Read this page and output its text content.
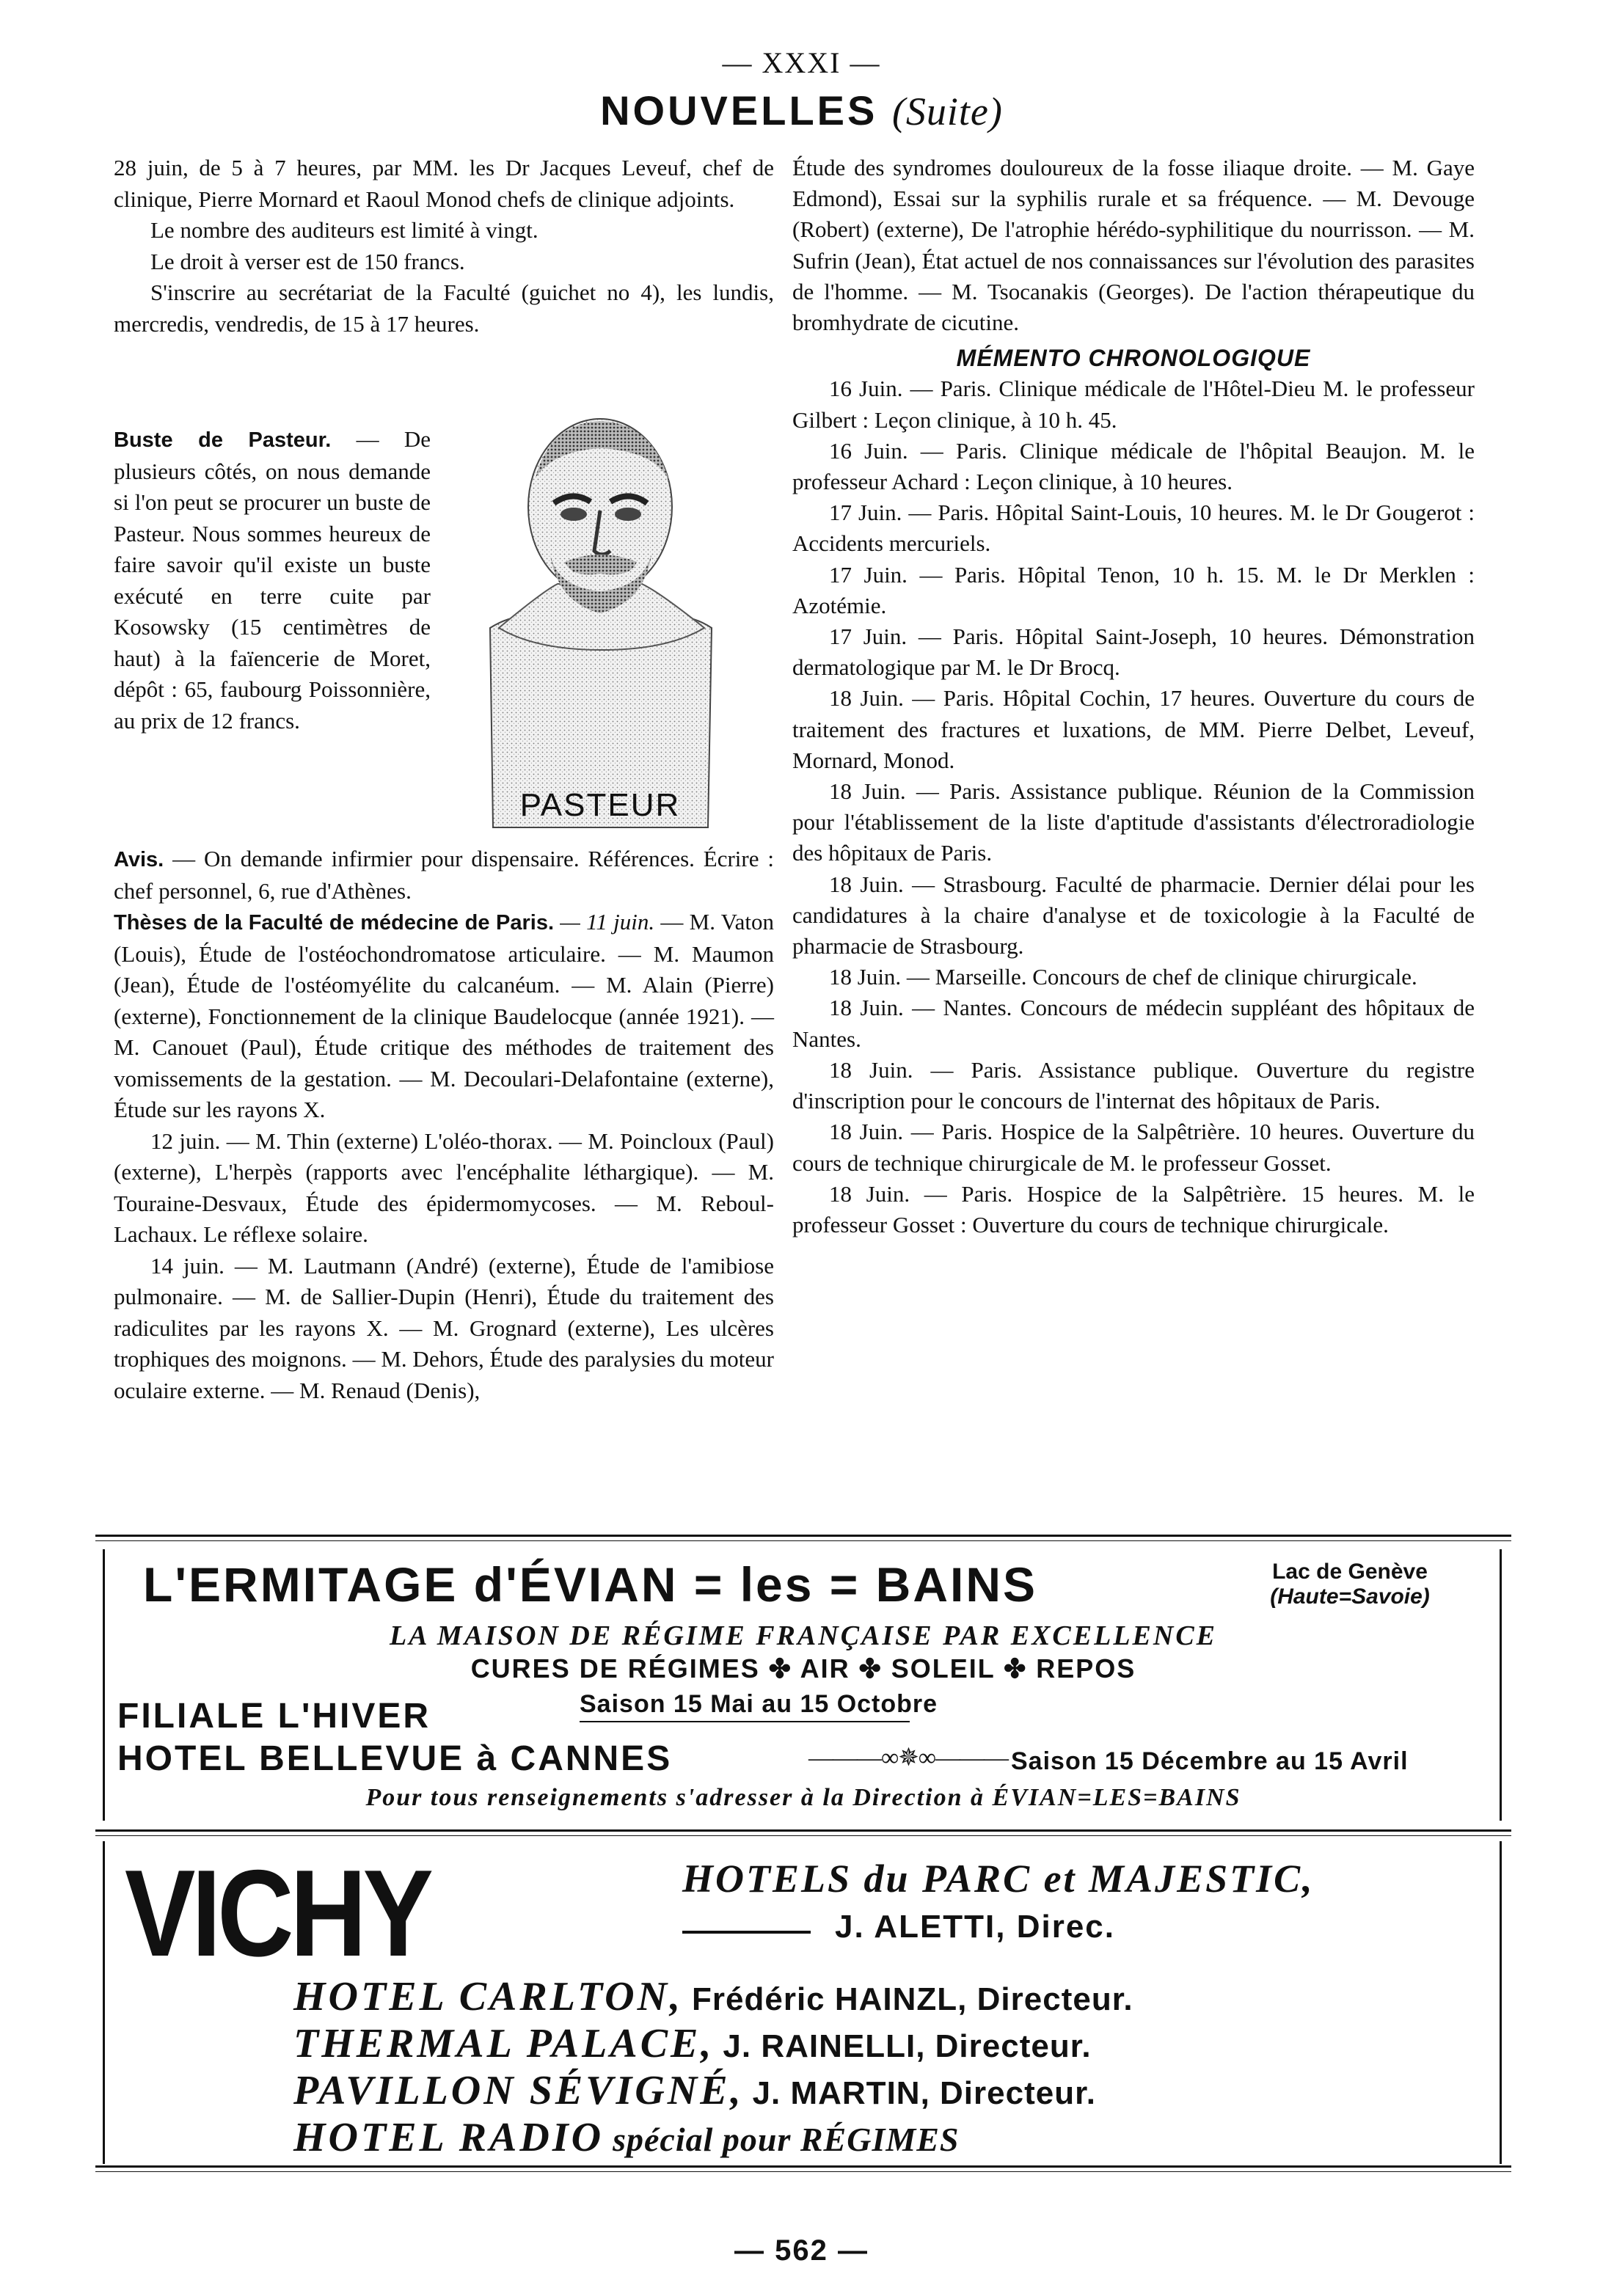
— XXXI —
NOUVELLES (Suite)

28 juin, de 5 à 7 heures, par MM. les Dr Jacques Leveuf, chef de clinique, Pierre Mornard et Raoul Monod chefs de clinique adjoints.

Le nombre des auditeurs est limité à vingt.

Le droit à verser est de 150 francs.

S'inscrire au secrétariat de la Faculté (guichet no 4), les lundis, mercredis, vendredis, de 15 à 17 heures.

Buste de Pasteur. — De plusieurs côtés, on nous demande si l'on peut se procurer un buste de Pasteur. Nous sommes heureux de faire savoir qu'il existe un buste exécuté en terre cuite par Kosowsky (15 centimètres de haut) à la faïencerie de Moret, dépôt : 65, faubourg Poissonnière, au prix de 12 francs.

PASTEUR

Avis. — On demande infirmier pour dispensaire. Références. Écrire : chef personnel, 6, rue d'Athènes.

Thèses de la Faculté de médecine de Paris. — 11 juin. — M. Vaton (Louis), Étude de l'ostéochondromatose articulaire. — M. Maumon (Jean), Étude de l'ostéomyélite du calcanéum. — M. Alain (Pierre) (externe), Fonctionnement de la clinique Baudelocque (année 1921). — M. Canouet (Paul), Étude critique des méthodes de traitement des vomissements de la gestation. — M. Decoulari-Delafontaine (externe), Étude sur les rayons X.

12 juin. — M. Thin (externe) L'oléo-thorax. — M. Poincloux (Paul) (externe), L'herpès (rapports avec l'encéphalite léthargique). — M. Touraine-Desvaux, Étude des épidermomycoses. — M. Reboul-Lachaux. Le réflexe solaire.

14 juin. — M. Lautmann (André) (externe), Étude de l'amibiose pulmonaire. — M. de Sallier-Dupin (Henri), Étude du traitement des radiculites par les rayons X. — M. Grognard (externe), Les ulcères trophiques des moignons. — M. Dehors, Étude des paralysies du moteur oculaire externe. — M. Renaud (Denis),

Étude des syndromes douloureux de la fosse iliaque droite. — M. Gaye Edmond), Essai sur la syphilis rurale et sa fréquence. — M. Devouge (Robert) (externe), De l'atrophie hérédo-syphilitique du nourrisson. — M. Sufrin (Jean), État actuel de nos connaissances sur l'évolution des parasites de l'homme. — M. Tsocanakis (Georges). De l'action thérapeutique du bromhydrate de cicutine.

MÉMENTO CHRONOLOGIQUE

16 Juin. — Paris. Clinique médicale de l'Hôtel-Dieu M. le professeur Gilbert : Leçon clinique, à 10 h. 45.

16 Juin. — Paris. Clinique médicale de l'hôpital Beaujon. M. le professeur Achard : Leçon clinique, à 10 heures.

17 Juin. — Paris. Hôpital Saint-Louis, 10 heures. M. le Dr Gougerot : Accidents mercuriels.

17 Juin. — Paris. Hôpital Tenon, 10 h. 15. M. le Dr Merklen : Azotémie.

17 Juin. — Paris. Hôpital Saint-Joseph, 10 heures. Démonstration dermatologique par M. le Dr Brocq.

18 Juin. — Paris. Hôpital Cochin, 17 heures. Ouverture du cours de traitement des fractures et luxations, de MM. Pierre Delbet, Leveuf, Mornard, Monod.

18 Juin. — Paris. Assistance publique. Réunion de la Commission pour l'établissement de la liste d'aptitude d'assistants d'électroradiologie des hôpitaux de Paris.

18 Juin. — Strasbourg. Faculté de pharmacie. Dernier délai pour les candidatures à la chaire d'analyse et de toxicologie à la Faculté de pharmacie de Strasbourg.

18 Juin. — Marseille. Concours de chef de clinique chirurgicale.

18 Juin. — Nantes. Concours de médecin suppléant des hôpitaux de Nantes.

18 Juin. — Paris. Assistance publique. Ouverture du registre d'inscription pour le concours de l'internat des hôpitaux de Paris.

18 Juin. — Paris. Hospice de la Salpêtrière. 10 heures. Ouverture du cours de technique chirurgicale de M. le professeur Gosset.

18 Juin. — Paris. Hospice de la Salpêtrière. 15 heures. M. le professeur Gosset : Ouverture du cours de technique chirurgicale.

L'ERMITAGE d'ÉVIAN = les = BAINS	Lac de Genève
(Haute=Savoie)
LA MAISON DE RÉGIME FRANÇAISE PAR EXCELLENCE
CURES DE RÉGIMES ✤ AIR ✤ SOLEIL ✤ REPOS
Saison 15 Mai au 15 Octobre
FILIALE L'HIVER
HOTEL BELLEVUE à CANNES	———∞✵∞——— Saison 15 Décembre au 15 Avril
Pour tous renseignements s'adresser à la Direction à ÉVIAN=LES=BAINS
VICHY	HOTELS du PARC et MAJESTIC,
J. ALETTI, Direc.
HOTEL CARLTON, Frédéric HAINZL, Directeur.
THERMAL PALACE, J. RAINELLI, Directeur.
PAVILLON SÉVIGNÉ, J. MARTIN, Directeur.
HOTEL RADIO spécial pour RÉGIMES
— 562 —
